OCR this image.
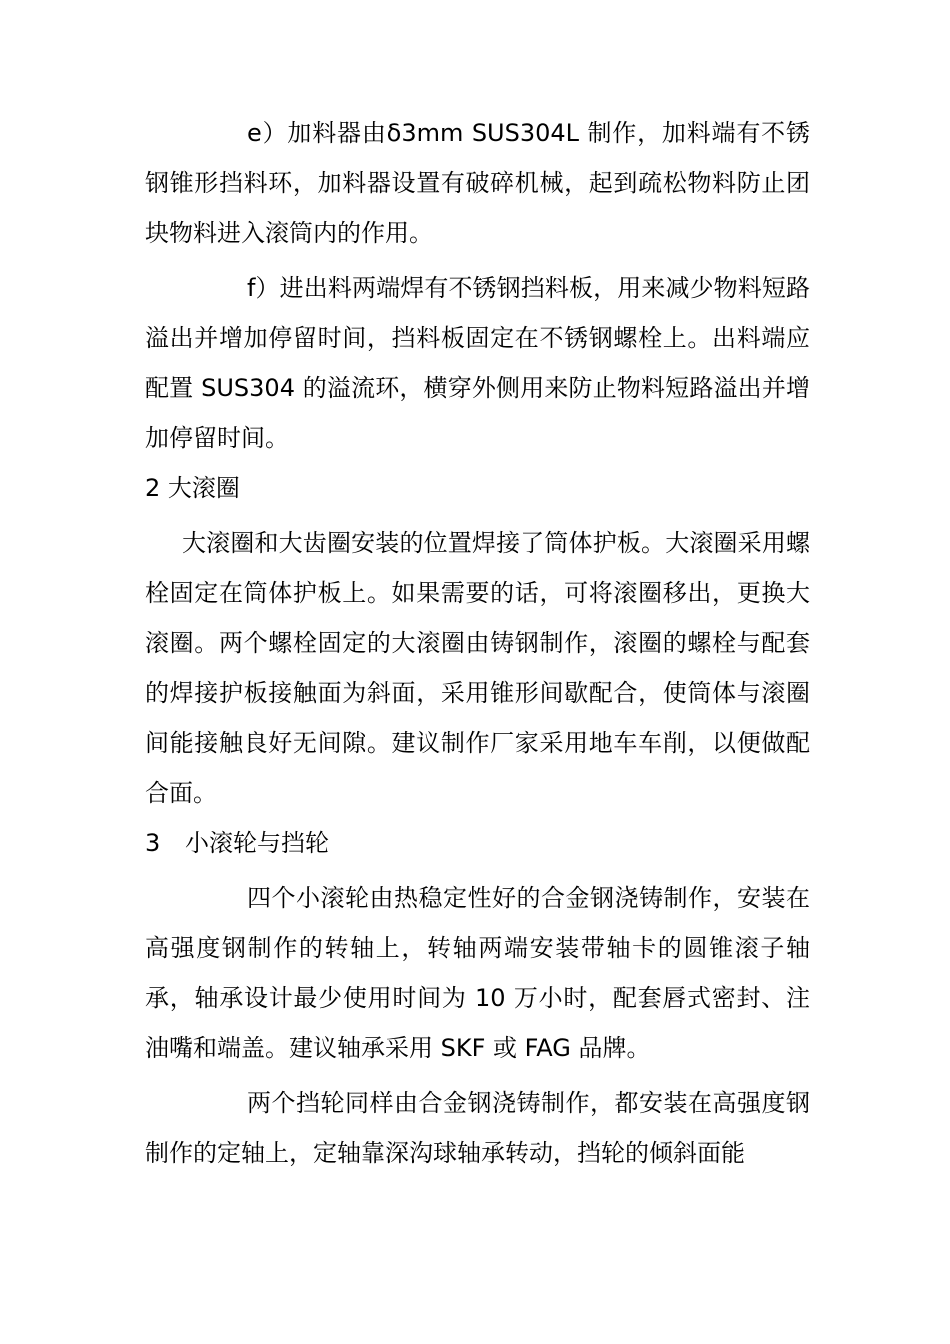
e）加料器由δ3mm SUS304L 制作，加料端有不锈钢锥形挡料环，加料器设置有破碎机械，起到疏松物料防止团块物料进入滚筒内的作用。

f）进出料两端焊有不锈钢挡料板，用来减少物料短路溢出并增加停留时间，挡料板固定在不锈钢螺栓上。出料端应配置 SUS304 的溢流环，横穿外侧用来防止物料短路溢出并增加停留时间。

2 大滚圈

大滚圈和大齿圈安装的位置焊接了筒体护板。大滚圈采用螺栓固定在筒体护板上。如果需要的话，可将滚圈移出，更换大滚圈。两个螺栓固定的大滚圈由铸钢制作，滚圈的螺栓与配套的焊接护板接触面为斜面，采用锥形间歇配合，使筒体与滚圈间能接触良好无间隙。建议制作厂家采用地车车削，以便做配合面。

3 小滚轮与挡轮

四个小滚轮由热稳定性好的合金钢浇铸制作，安装在高强度钢制作的转轴上，转轴两端安装带轴卡的圆锥滚子轴承，轴承设计最少使用时间为 10 万小时，配套唇式密封、注油嘴和端盖。建议轴承采用 SKF 或 FAG 品牌。

两个挡轮同样由合金钢浇铸制作，都安装在高强度钢制作的定轴上，定轴靠深沟球轴承转动，挡轮的倾斜面能
